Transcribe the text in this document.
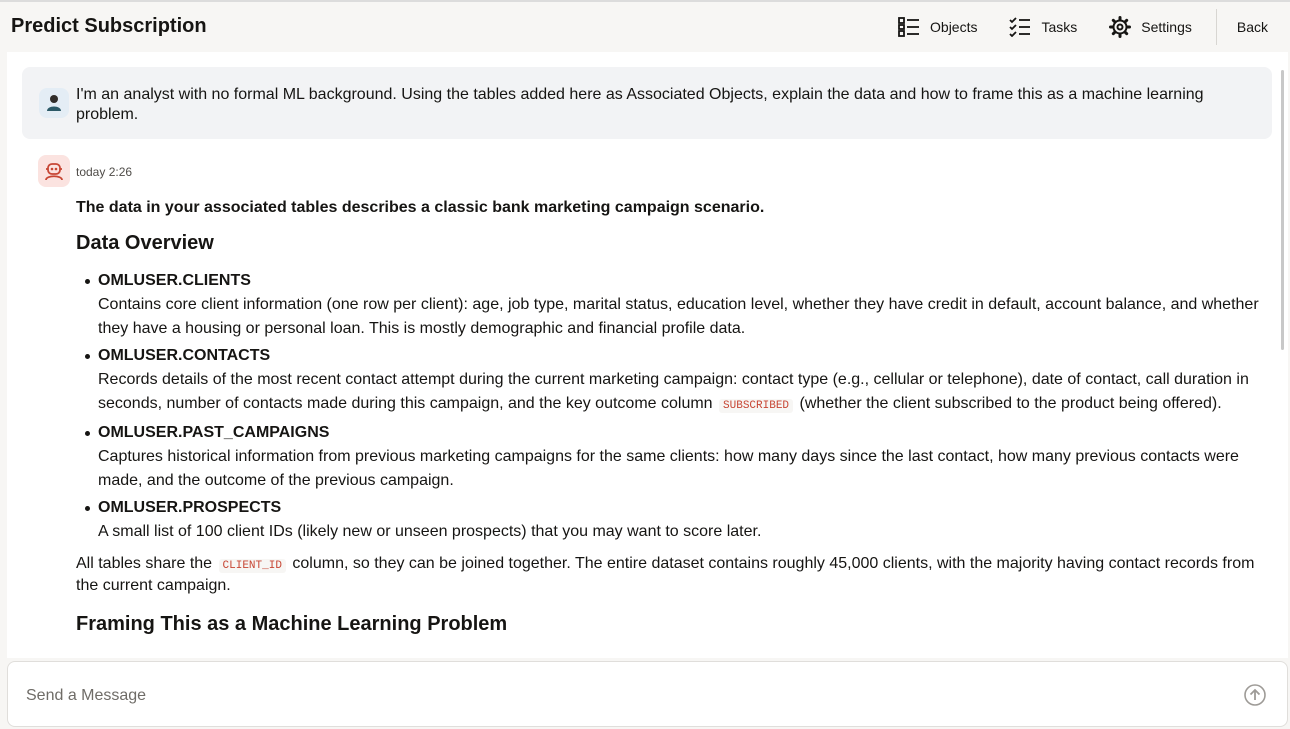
Predict Subscription	Objects	Tasks	Settings	Back
I'm an analyst with no formal ML background. Using the tables added here as Associated Objects, explain the data and how to frame this as a machine learning problem.
today 2:26

The data in your associated tables describes a classic bank marketing campaign scenario.

Data Overview
OMLUSER.CLIENTS
Contains core client information (one row per client): age, job type, marital status, education level, whether they have credit in default, account balance, and whether they have a housing or personal loan. This is mostly demographic and financial profile data.
OMLUSER.CONTACTS
Records details of the most recent contact attempt during the current marketing campaign: contact type (e.g., cellular or telephone), date of contact, call duration in seconds, number of contacts made during this campaign, and the key outcome column SUBSCRIBED (whether the client subscribed to the product being offered).
OMLUSER.PAST_CAMPAIGNS
Captures historical information from previous marketing campaigns for the same clients: how many days since the last contact, how many previous contacts were made, and the outcome of the previous campaign.
OMLUSER.PROSPECTS
A small list of 100 client IDs (likely new or unseen prospects) that you may want to score later.

All tables share the CLIENT_ID column, so they can be joined together. The entire dataset contains roughly 45,000 clients, with the majority having contact records from the current campaign.

Framing This as a Machine Learning Problem
Send a Message
